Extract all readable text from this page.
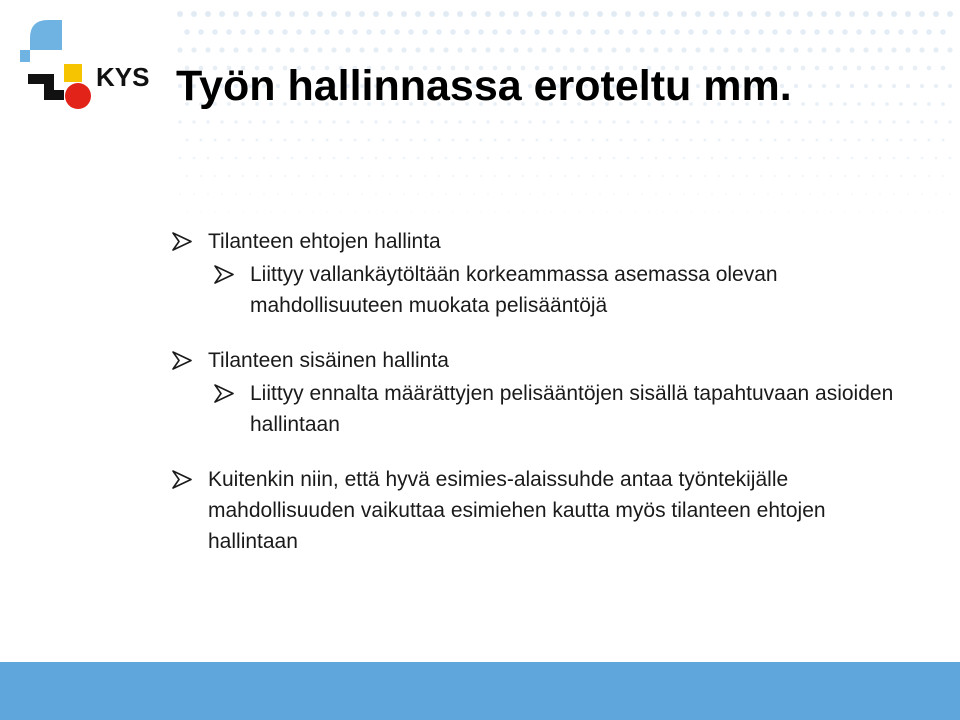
KYS Työn hallinnassa eroteltu mm.
Tilanteen ehtojen hallinta
Liittyy vallankäytöltään korkeammassa asemassa olevan mahdollisuuteen muokata pelisääntöjä
Tilanteen sisäinen hallinta
Liittyy ennalta määrättyjen pelisääntöjen sisällä tapahtuvaan asioiden hallintaan
Kuitenkin niin, että hyvä esimies-alaissuhde antaa työntekijälle mahdollisuuden vaikuttaa esimiehen kautta myös tilanteen ehtojen hallintaan
